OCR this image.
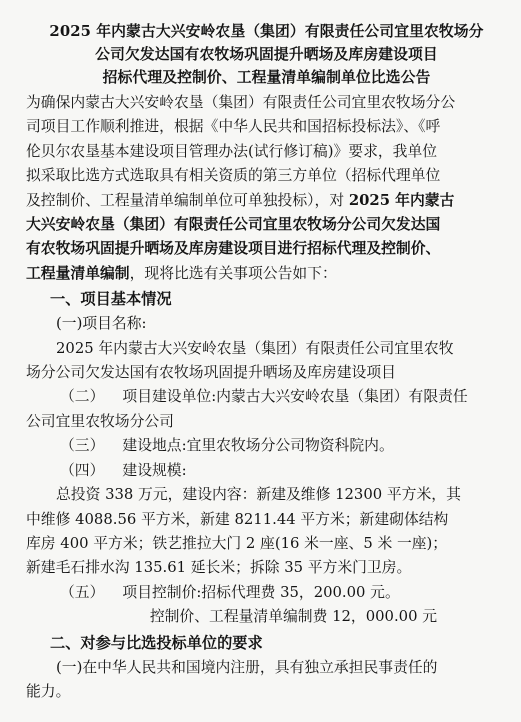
2025 年内蒙古大兴安岭农垦（集团）有限责任公司宜里农牧场分
公司欠发达国有农牧场巩固提升晒场及库房建设项目
招标代理及控制价、工程量清单编制单位比选公告
为确保内蒙古大兴安岭农垦（集团）有限责任公司宜里农牧场分公
司项目工作顺利推进，根据《中华人民共和国招标投标法》、《呼
伦贝尔农垦基本建设项目管理办法(试行修订稿)》要求，我单位
拟采取比选方式选取具有相关资质的第三方单位（招标代理单位
及控制价、工程量清单编制单位可单独投标），对 2025 年内蒙古
大兴安岭农垦（集团）有限责任公司宜里农牧场分公司欠发达国
有农牧场巩固提升晒场及库房建设项目进行招标代理及控制价、
工程量清单编制，现将比选有关事项公告如下：
一、项目基本情况
(一)项目名称:
2025 年内蒙古大兴安岭农垦（集团）有限责任公司宜里农牧
场分公司欠发达国有农牧场巩固提升晒场及库房建设项目
（二） 项目建设单位:内蒙古大兴安岭农垦（集团）有限责任
公司宜里农牧场分公司
（三） 建设地点:宜里农牧场分公司物资科院内。
（四） 建设规模:
总投资 338 万元，建设内容：新建及维修 12300 平方米，其
中维修 4088.56 平方米，新建 8211.44 平方米；新建砌体结构
库房 400 平方米；铁艺推拉大门 2 座(16 米一座、5 米 一座)；
新建毛石排水沟 135.61 延长米；拆除 35 平方米门卫房。
（五） 项目控制价:招标代理费 35，200.00 元。
控制价、工程量清单编制费 12，000.00 元
二、对参与比选投标单位的要求
(一)在中华人民共和国境内注册，具有独立承担民事责任的
能力。
